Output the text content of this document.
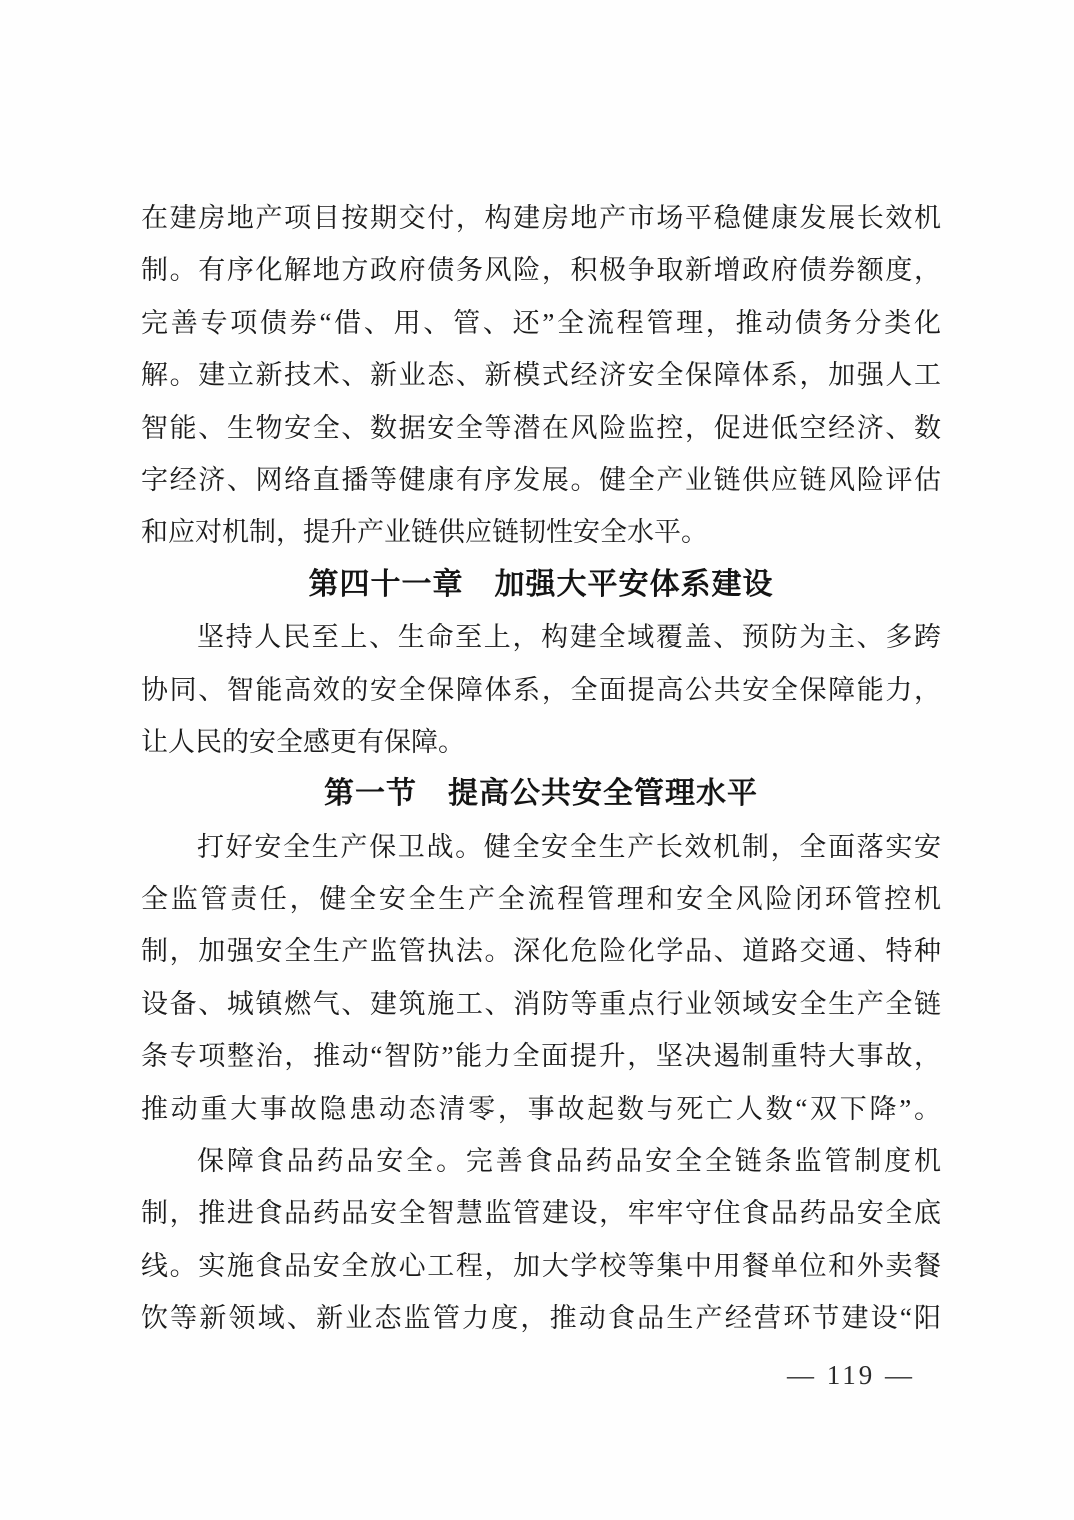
在建房地产项目按期交付，构建房地产市场平稳健康发展长效机
制。有序化解地方政府债务风险，积极争取新增政府债券额度，
完善专项债券“借、用、管、还”全流程管理，推动债务分类化
解。建立新技术、新业态、新模式经济安全保障体系，加强人工
智能、生物安全、数据安全等潜在风险监控，促进低空经济、数
字经济、网络直播等健康有序发展。健全产业链供应链风险评估
和应对机制，提升产业链供应链韧性安全水平。
第四十一章　加强大平安体系建设
坚持人民至上、生命至上，构建全域覆盖、预防为主、多跨
协同、智能高效的安全保障体系，全面提高公共安全保障能力，
让人民的安全感更有保障。
第一节　提高公共安全管理水平
打好安全生产保卫战。健全安全生产长效机制，全面落实安
全监管责任，健全安全生产全流程管理和安全风险闭环管控机
制，加强安全生产监管执法。深化危险化学品、道路交通、特种
设备、城镇燃气、建筑施工、消防等重点行业领域安全生产全链
条专项整治，推动“智防”能力全面提升，坚决遏制重特大事故，
推动重大事故隐患动态清零，事故起数与死亡人数“双下降”。
保障食品药品安全。完善食品药品安全全链条监管制度机
制，推进食品药品安全智慧监管建设，牢牢守住食品药品安全底
线。实施食品安全放心工程，加大学校等集中用餐单位和外卖餐
饮等新领域、新业态监管力度，推动食品生产经营环节建设“阳
— 119 —
